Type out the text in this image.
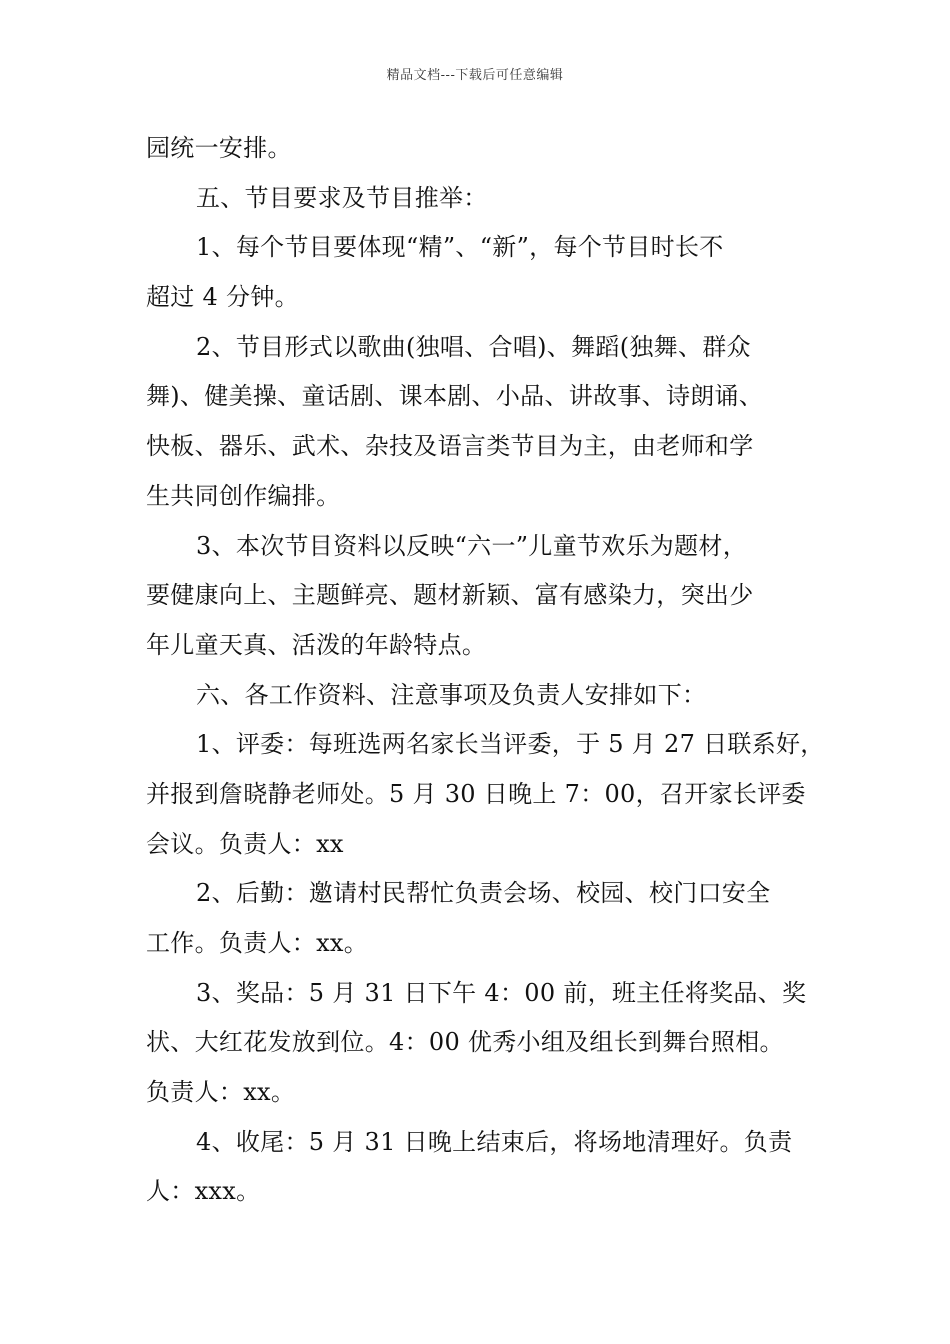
精品文档---下载后可任意编辑
园统一安排。
五、节目要求及节目推举：
1、每个节目要体现“精”、“新”，每个节目时长不
超过 4 分钟。
2、节目形式以歌曲(独唱、合唱)、舞蹈(独舞、群众
舞)、健美操、童话剧、课本剧、小品、讲故事、诗朗诵、
快板、器乐、武术、杂技及语言类节目为主，由老师和学
生共同创作编排。
3、本次节目资料以反映“六一”儿童节欢乐为题材，
要健康向上、主题鲜亮、题材新颖、富有感染力，突出少
年儿童天真、活泼的年龄特点。
六、各工作资料、注意事项及负责人安排如下：
1、评委：每班选两名家长当评委，于 5 月 27 日联系好，
并报到詹晓静老师处。5 月 30 日晚上 7：00，召开家长评委
会议。负责人：xx
2、后勤：邀请村民帮忙负责会场、校园、校门口安全
工作。负责人：xx。
3、奖品：5 月 31 日下午 4：00 前，班主任将奖品、奖
状、大红花发放到位。4：00 优秀小组及组长到舞台照相。
负责人：xx。
4、收尾：5 月 31 日晚上结束后，将场地清理好。负责
人：xxx。
